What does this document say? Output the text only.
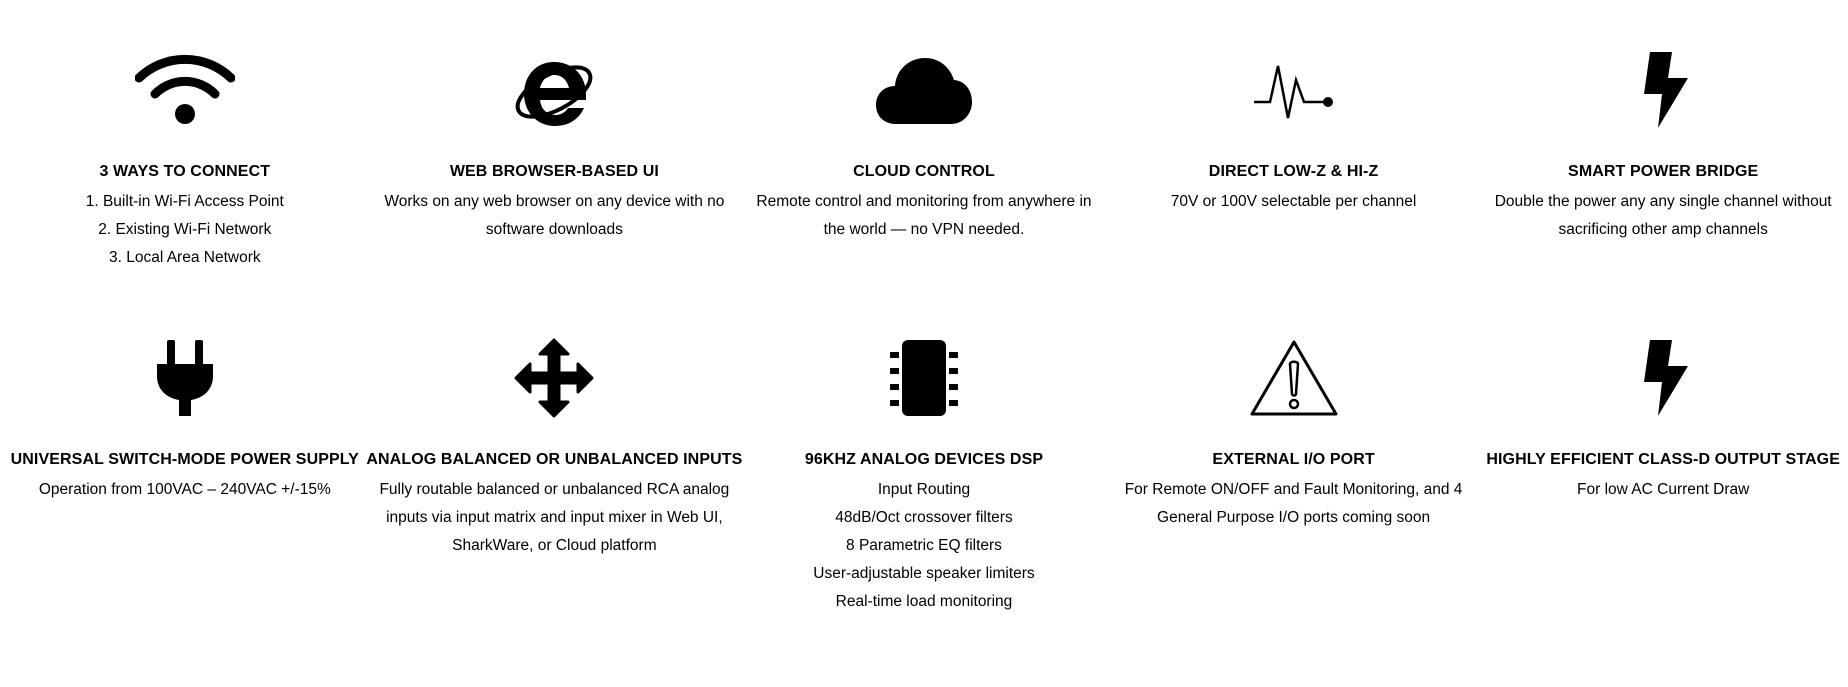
3 WAYS TO CONNECT
1. Built-in Wi-Fi Access Point
2. Existing Wi-Fi Network
3. Local Area Network
WEB BROWSER-BASED UI
Works on any web browser on any device with no software downloads
CLOUD CONTROL
Remote control and monitoring from anywhere in the world — no VPN needed.
DIRECT LOW-Z & HI-Z
70V or 100V selectable per channel
SMART POWER BRIDGE
Double the power any any single channel without sacrificing other amp channels
UNIVERSAL SWITCH-MODE POWER SUPPLY
Operation from 100VAC – 240VAC +/-15%
ANALOG BALANCED OR UNBALANCED INPUTS
Fully routable balanced or unbalanced RCA analog inputs via input matrix and input mixer in Web UI, SharkWare, or Cloud platform
96KHZ ANALOG DEVICES DSP
Input Routing
48dB/Oct crossover filters
8 Parametric EQ filters
User-adjustable speaker limiters
Real-time load monitoring
EXTERNAL I/O PORT
For Remote ON/OFF and Fault Monitoring, and 4 General Purpose I/O ports coming soon
HIGHLY EFFICIENT CLASS-D OUTPUT STAGE
For low AC Current Draw
